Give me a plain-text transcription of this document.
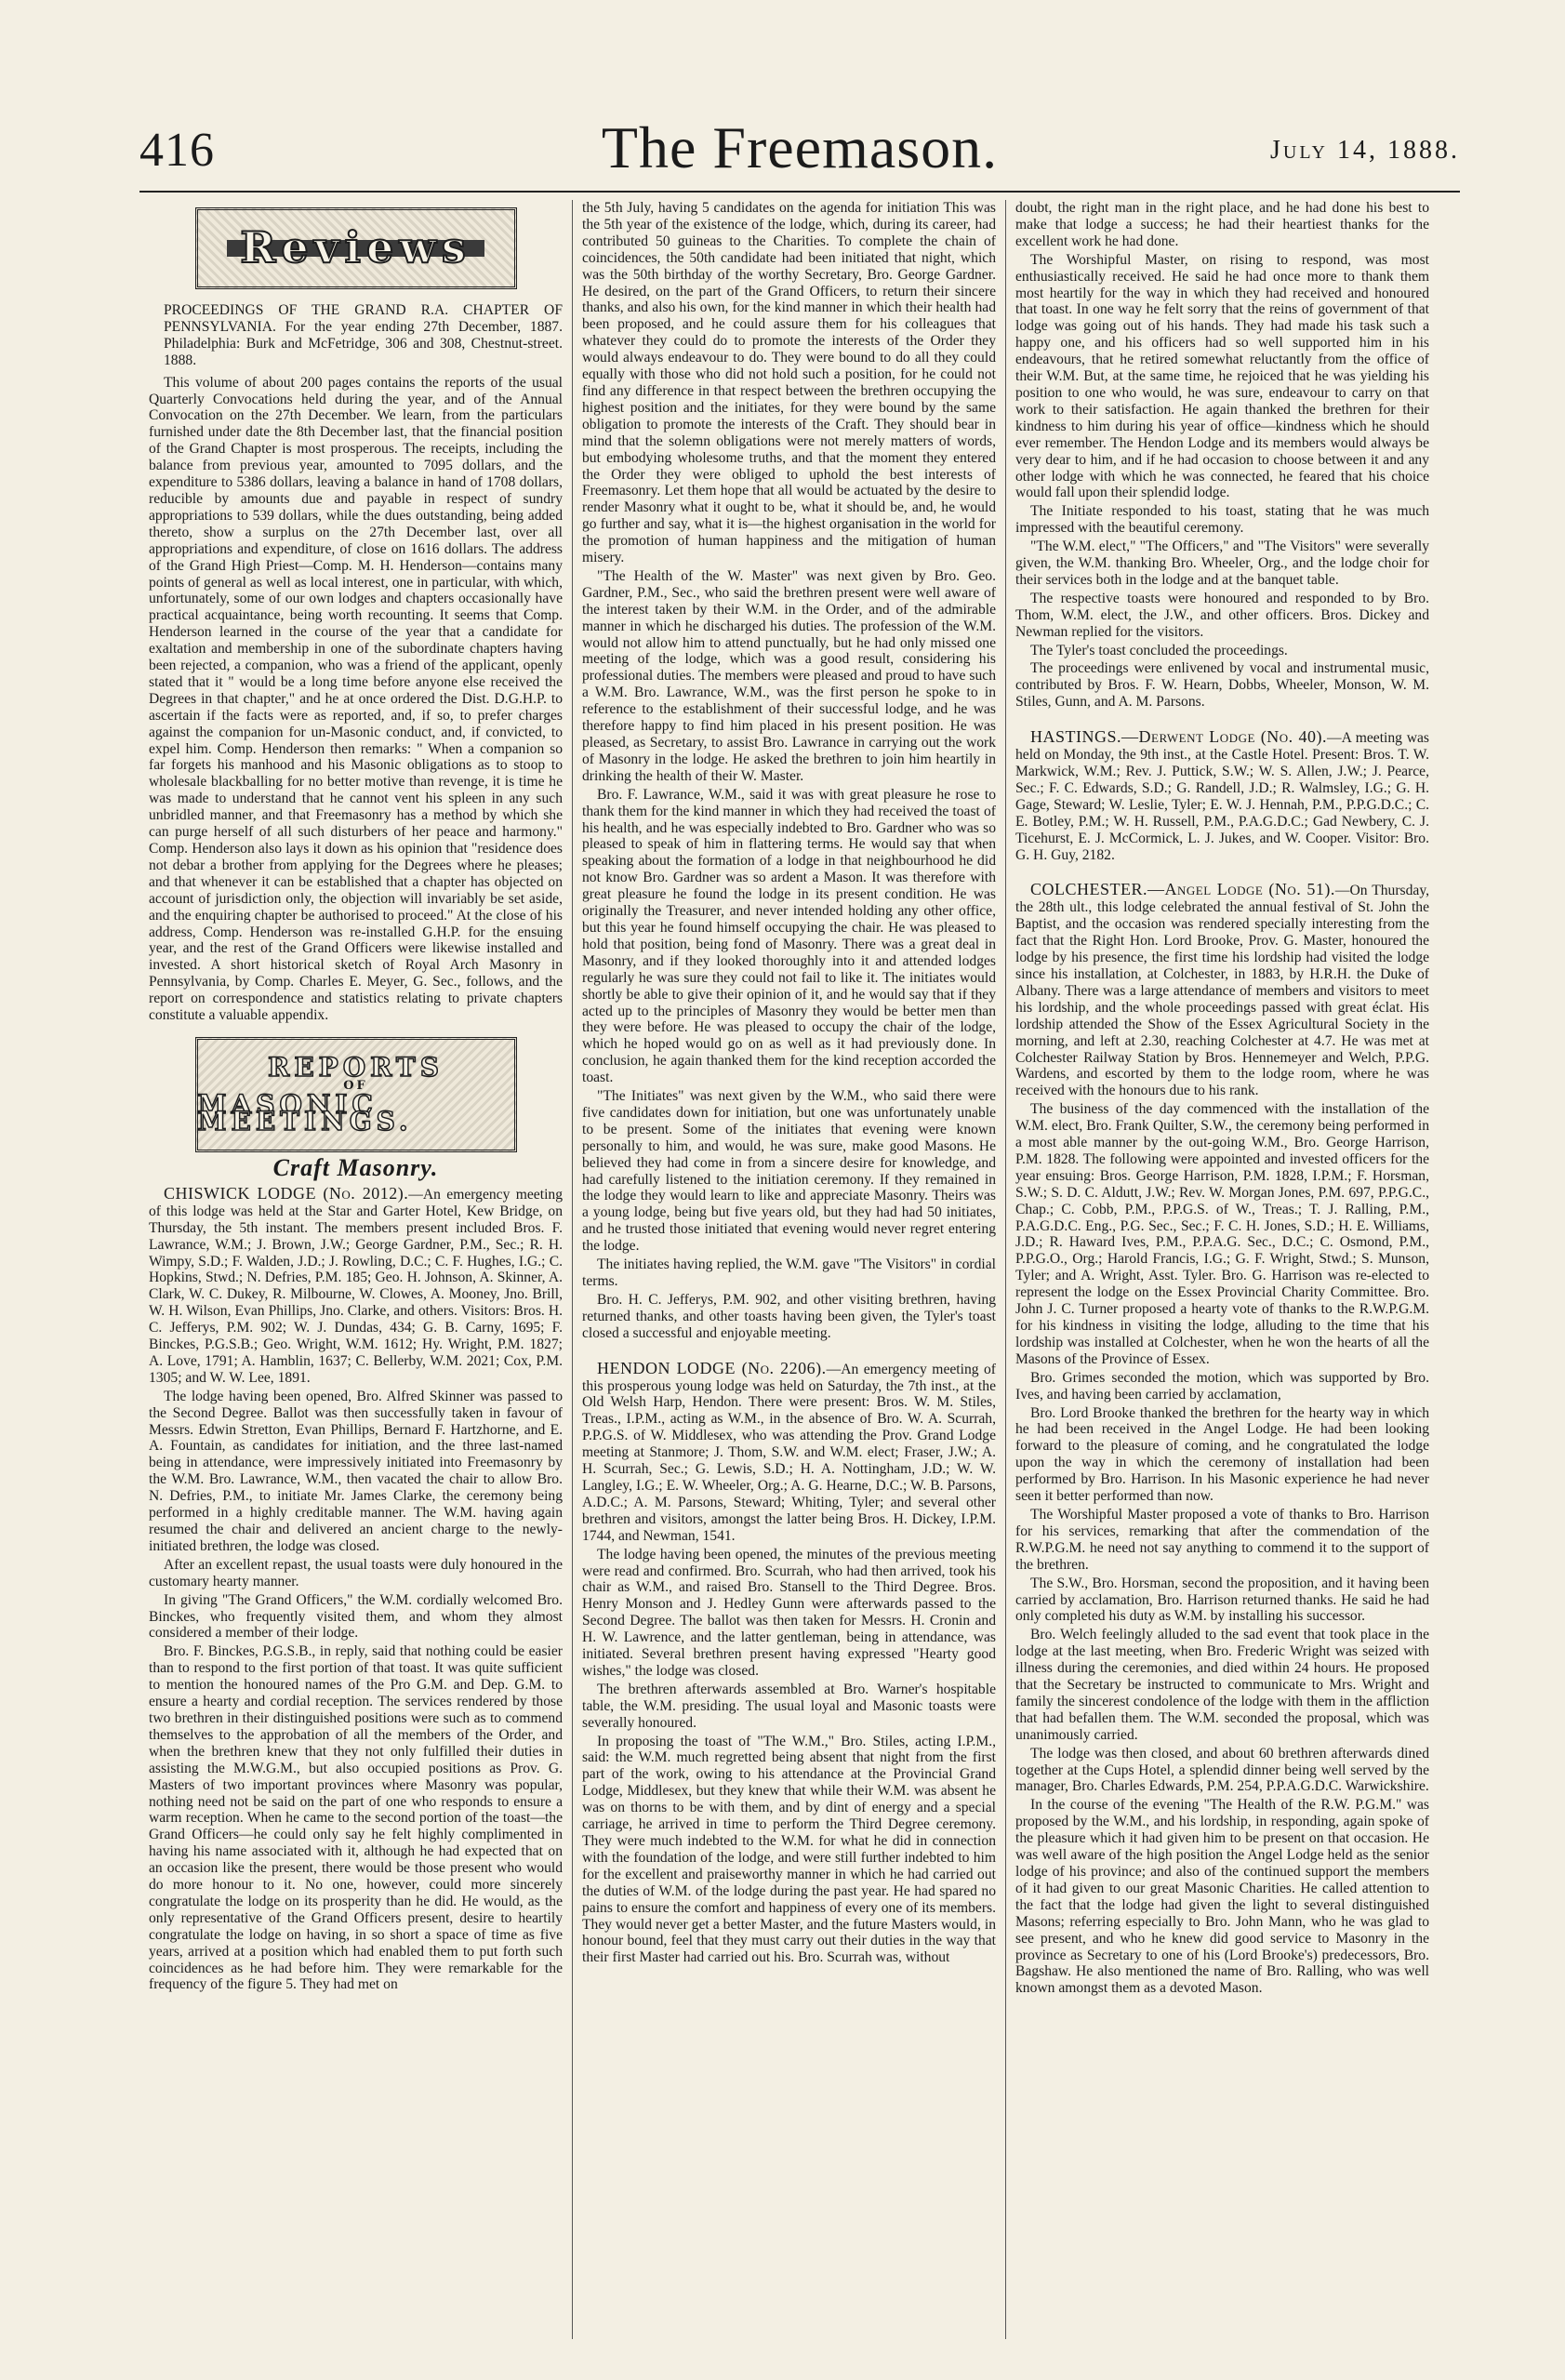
416	The Freemason.	July 14, 1888.
Reviews

PROCEEDINGS OF THE GRAND R.A. CHAPTER OF PENNSYLVANIA. For the year ending 27th December, 1887. Philadelphia: Burk and McFetridge, 306 and 308, Chestnut-street. 1888.

This volume of about 200 pages contains the reports of the usual Quarterly Convocations held during the year, and of the Annual Convocation on the 27th December. We learn, from the particulars furnished under date the 8th December last, that the financial position of the Grand Chapter is most prosperous. The receipts, including the balance from previous year, amounted to 7095 dollars, and the expenditure to 5386 dollars, leaving a balance in hand of 1708 dollars, reducible by amounts due and payable in respect of sundry appropriations to 539 dollars, while the dues outstanding, being added thereto, show a surplus on the 27th December last, over all appropriations and expenditure, of close on 1616 dollars. The address of the Grand High Priest—Comp. M. H. Henderson—contains many points of general as well as local interest, one in particular, with which, unfortunately, some of our own lodges and chapters occasionally have practical acquaintance, being worth recounting. It seems that Comp. Henderson learned in the course of the year that a candidate for exaltation and membership in one of the subordinate chapters having been rejected, a companion, who was a friend of the applicant, openly stated that it " would be a long time before anyone else received the Degrees in that chapter," and he at once ordered the Dist. D.G.H.P. to ascertain if the facts were as reported, and, if so, to prefer charges against the companion for un-Masonic conduct, and, if convicted, to expel him. Comp. Henderson then remarks: " When a companion so far forgets his manhood and his Masonic obligations as to stoop to wholesale blackballing for no better motive than revenge, it is time he was made to understand that he cannot vent his spleen in any such unbridled manner, and that Freemasonry has a method by which she can purge herself of all such disturbers of her peace and harmony." Comp. Henderson also lays it down as his opinion that "residence does not debar a brother from applying for the Degrees where he pleases; and that whenever it can be established that a chapter has objected on account of jurisdiction only, the objection will invariably be set aside, and the enquiring chapter be authorised to proceed." At the close of his address, Comp. Henderson was re-installed G.H.P. for the ensuing year, and the rest of the Grand Officers were likewise installed and invested. A short historical sketch of Royal Arch Masonry in Pennsylvania, by Comp. Charles E. Meyer, G. Sec., follows, and the report on correspondence and statistics relating to private chapters constitute a valuable appendix.

REPORTS
OF
MASONIC MEETINGS.
Craft Masonry.

CHISWICK LODGE (No. 2012).—An emergency meeting of this lodge was held at the Star and Garter Hotel, Kew Bridge, on Thursday, the 5th instant. The members present included Bros. F. Lawrance, W.M.; J. Brown, J.W.; George Gardner, P.M., Sec.; R. H. Wimpy, S.D.; F. Walden, J.D.; J. Rowling, D.C.; C. F. Hughes, I.G.; C. Hopkins, Stwd.; N. Defries, P.M. 185; Geo. H. Johnson, A. Skinner, A. Clark, W. C. Dukey, R. Milbourne, W. Clowes, A. Mooney, Jno. Brill, W. H. Wilson, Evan Phillips, Jno. Clarke, and others. Visitors: Bros. H. C. Jefferys, P.M. 902; W. J. Dundas, 434; G. B. Carny, 1695; F. Binckes, P.G.S.B.; Geo. Wright, W.M. 1612; Hy. Wright, P.M. 1827; A. Love, 1791; A. Hamblin, 1637; C. Bellerby, W.M. 2021; Cox, P.M. 1305; and W. W. Lee, 1891.

The lodge having been opened, Bro. Alfred Skinner was passed to the Second Degree. Ballot was then successfully taken in favour of Messrs. Edwin Stretton, Evan Phillips, Bernard F. Hartzhorne, and E. A. Fountain, as candidates for initiation, and the three last-named being in attendance, were impressively initiated into Freemasonry by the W.M. Bro. Lawrance, W.M., then vacated the chair to allow Bro. N. Defries, P.M., to initiate Mr. James Clarke, the ceremony being performed in a highly creditable manner. The W.M. having again resumed the chair and delivered an ancient charge to the newly-initiated brethren, the lodge was closed.

After an excellent repast, the usual toasts were duly honoured in the customary hearty manner.

In giving "The Grand Officers," the W.M. cordially welcomed Bro. Binckes, who frequently visited them, and whom they almost considered a member of their lodge.

Bro. F. Binckes, P.G.S.B., in reply, said that nothing could be easier than to respond to the first portion of that toast. It was quite sufficient to mention the honoured names of the Pro G.M. and Dep. G.M. to ensure a hearty and cordial reception. The services rendered by those two brethren in their distinguished positions were such as to commend themselves to the approbation of all the members of the Order, and when the brethren knew that they not only fulfilled their duties in assisting the M.W.G.M., but also occupied positions as Prov. G. Masters of two important provinces where Masonry was popular, nothing need not be said on the part of one who responds to ensure a warm reception. When he came to the second portion of the toast—the Grand Officers—he could only say he felt highly complimented in having his name associated with it, although he had expected that on an occasion like the present, there would be those present who would do more honour to it. No one, however, could more sincerely congratulate the lodge on its prosperity than he did. He would, as the only representative of the Grand Officers present, desire to heartily congratulate the lodge on having, in so short a space of time as five years, arrived at a position which had enabled them to put forth such coincidences as he had before him. They were remarkable for the frequency of the figure 5. They had met on

the 5th July, having 5 candidates on the agenda for initiation This was the 5th year of the existence of the lodge, which, during its career, had contributed 50 guineas to the Charities. To complete the chain of coincidences, the 50th candidate had been initiated that night, which was the 50th birthday of the worthy Secretary, Bro. George Gardner. He desired, on the part of the Grand Officers, to return their sincere thanks, and also his own, for the kind manner in which their health had been proposed, and he could assure them for his colleagues that whatever they could do to promote the interests of the Order they would always endeavour to do. They were bound to do all they could equally with those who did not hold such a position, for he could not find any difference in that respect between the brethren occupying the highest position and the initiates, for they were bound by the same obligation to promote the interests of the Craft. They should bear in mind that the solemn obligations were not merely matters of words, but embodying wholesome truths, and that the moment they entered the Order they were obliged to uphold the best interests of Freemasonry. Let them hope that all would be actuated by the desire to render Masonry what it ought to be, what it should be, and, he would go further and say, what it is—the highest organisation in the world for the promotion of human happiness and the mitigation of human misery.

"The Health of the W. Master" was next given by Bro. Geo. Gardner, P.M., Sec., who said the brethren present were well aware of the interest taken by their W.M. in the Order, and of the admirable manner in which he discharged his duties. The profession of the W.M. would not allow him to attend punctually, but he had only missed one meeting of the lodge, which was a good result, considering his professional duties. The members were pleased and proud to have such a W.M. Bro. Lawrance, W.M., was the first person he spoke to in reference to the establishment of their successful lodge, and he was therefore happy to find him placed in his present position. He was pleased, as Secretary, to assist Bro. Lawrance in carrying out the work of Masonry in the lodge. He asked the brethren to join him heartily in drinking the health of their W. Master.

Bro. F. Lawrance, W.M., said it was with great pleasure he rose to thank them for the kind manner in which they had received the toast of his health, and he was especially indebted to Bro. Gardner who was so pleased to speak of him in flattering terms. He would say that when speaking about the formation of a lodge in that neighbourhood he did not know Bro. Gardner was so ardent a Mason. It was therefore with great pleasure he found the lodge in its present condition. He was originally the Treasurer, and never intended holding any other office, but this year he found himself occupying the chair. He was pleased to hold that position, being fond of Masonry. There was a great deal in Masonry, and if they looked thoroughly into it and attended lodges regularly he was sure they could not fail to like it. The initiates would shortly be able to give their opinion of it, and he would say that if they acted up to the principles of Masonry they would be better men than they were before. He was pleased to occupy the chair of the lodge, which he hoped would go on as well as it had previously done. In conclusion, he again thanked them for the kind reception accorded the toast.

"The Initiates" was next given by the W.M., who said there were five candidates down for initiation, but one was unfortunately unable to be present. Some of the initiates that evening were known personally to him, and would, he was sure, make good Masons. He believed they had come in from a sincere desire for knowledge, and had carefully listened to the initiation ceremony. If they remained in the lodge they would learn to like and appreciate Masonry. Theirs was a young lodge, being but five years old, but they had had 50 initiates, and he trusted those initiated that evening would never regret entering the lodge.

The initiates having replied, the W.M. gave "The Visitors" in cordial terms.

Bro. H. C. Jefferys, P.M. 902, and other visiting brethren, having returned thanks, and other toasts having been given, the Tyler's toast closed a successful and enjoyable meeting.

HENDON LODGE (No. 2206).—An emergency meeting of this prosperous young lodge was held on Saturday, the 7th inst., at the Old Welsh Harp, Hendon. There were present: Bros. W. M. Stiles, Treas., I.P.M., acting as W.M., in the absence of Bro. W. A. Scurrah, P.P.G.S. of W. Middlesex, who was attending the Prov. Grand Lodge meeting at Stanmore; J. Thom, S.W. and W.M. elect; Fraser, J.W.; A. H. Scurrah, Sec.; G. Lewis, S.D.; H. A. Nottingham, J.D.; W. W. Langley, I.G.; E. W. Wheeler, Org.; A. G. Hearne, D.C.; W. B. Parsons, A.D.C.; A. M. Parsons, Steward; Whiting, Tyler; and several other brethren and visitors, amongst the latter being Bros. H. Dickey, I.P.M. 1744, and Newman, 1541.

The lodge having been opened, the minutes of the previous meeting were read and confirmed. Bro. Scurrah, who had then arrived, took his chair as W.M., and raised Bro. Stansell to the Third Degree. Bros. Henry Monson and J. Hedley Gunn were afterwards passed to the Second Degree. The ballot was then taken for Messrs. H. Cronin and H. W. Lawrence, and the latter gentleman, being in attendance, was initiated. Several brethren present having expressed "Hearty good wishes," the lodge was closed.

The brethren afterwards assembled at Bro. Warner's hospitable table, the W.M. presiding. The usual loyal and Masonic toasts were severally honoured.

In proposing the toast of "The W.M.," Bro. Stiles, acting I.P.M., said: the W.M. much regretted being absent that night from the first part of the work, owing to his attendance at the Provincial Grand Lodge, Middlesex, but they knew that while their W.M. was absent he was on thorns to be with them, and by dint of energy and a special carriage, he arrived in time to perform the Third Degree ceremony. They were much indebted to the W.M. for what he did in connection with the foundation of the lodge, and were still further indebted to him for the excellent and praiseworthy manner in which he had carried out the duties of W.M. of the lodge during the past year. He had spared no pains to ensure the comfort and happiness of every one of its members. They would never get a better Master, and the future Masters would, in honour bound, feel that they must carry out their duties in the way that their first Master had carried out his. Bro. Scurrah was, without

doubt, the right man in the right place, and he had done his best to make that lodge a success; he had their heartiest thanks for the excellent work he had done.

The Worshipful Master, on rising to respond, was most enthusiastically received. He said he had once more to thank them most heartily for the way in which they had received and honoured that toast. In one way he felt sorry that the reins of government of that lodge was going out of his hands. They had made his task such a happy one, and his officers had so well supported him in his endeavours, that he retired somewhat reluctantly from the office of their W.M. But, at the same time, he rejoiced that he was yielding his position to one who would, he was sure, endeavour to carry on that work to their satisfaction. He again thanked the brethren for their kindness to him during his year of office—kindness which he should ever remember. The Hendon Lodge and its members would always be very dear to him, and if he had occasion to choose between it and any other lodge with which he was connected, he feared that his choice would fall upon their splendid lodge.

The Initiate responded to his toast, stating that he was much impressed with the beautiful ceremony.

"The W.M. elect," "The Officers," and "The Visitors" were severally given, the W.M. thanking Bro. Wheeler, Org., and the lodge choir for their services both in the lodge and at the banquet table.

The respective toasts were honoured and responded to by Bro. Thom, W.M. elect, the J.W., and other officers. Bros. Dickey and Newman replied for the visitors.

The Tyler's toast concluded the proceedings.

The proceedings were enlivened by vocal and instrumental music, contributed by Bros. F. W. Hearn, Dobbs, Wheeler, Monson, W. M. Stiles, Gunn, and A. M. Parsons.

HASTINGS.—Derwent Lodge (No. 40).—A meeting was held on Monday, the 9th inst., at the Castle Hotel. Present: Bros. T. W. Markwick, W.M.; Rev. J. Puttick, S.W.; W. S. Allen, J.W.; J. Pearce, Sec.; F. C. Edwards, S.D.; G. Randell, J.D.; R. Walmsley, I.G.; G. H. Gage, Steward; W. Leslie, Tyler; E. W. J. Hennah, P.M., P.P.G.D.C.; C. E. Botley, P.M.; W. H. Russell, P.M., P.A.G.D.C.; Gad Newbery, C. J. Ticehurst, E. J. McCormick, L. J. Jukes, and W. Cooper. Visitor: Bro. G. H. Guy, 2182.

COLCHESTER.—Angel Lodge (No. 51).—On Thursday, the 28th ult., this lodge celebrated the annual festival of St. John the Baptist, and the occasion was rendered specially interesting from the fact that the Right Hon. Lord Brooke, Prov. G. Master, honoured the lodge by his presence, the first time his lordship had visited the lodge since his installation, at Colchester, in 1883, by H.R.H. the Duke of Albany. There was a large attendance of members and visitors to meet his lordship, and the whole proceedings passed with great éclat. His lordship attended the Show of the Essex Agricultural Society in the morning, and left at 2.30, reaching Colchester at 4.7. He was met at Colchester Railway Station by Bros. Hennemeyer and Welch, P.P.G. Wardens, and escorted by them to the lodge room, where he was received with the honours due to his rank.

The business of the day commenced with the installation of the W.M. elect, Bro. Frank Quilter, S.W., the ceremony being performed in a most able manner by the out-going W.M., Bro. George Harrison, P.M. 1828. The following were appointed and invested officers for the year ensuing: Bros. George Harrison, P.M. 1828, I.P.M.; F. Horsman, S.W.; S. D. C. Aldutt, J.W.; Rev. W. Morgan Jones, P.M. 697, P.P.G.C., Chap.; C. Cobb, P.M., P.P.G.S. of W., Treas.; T. J. Ralling, P.M., P.A.G.D.C. Eng., P.G. Sec., Sec.; F. C. H. Jones, S.D.; H. E. Williams, J.D.; R. Haward Ives, P.M., P.P.A.G. Sec., D.C.; C. Osmond, P.M., P.P.G.O., Org.; Harold Francis, I.G.; G. F. Wright, Stwd.; S. Munson, Tyler; and A. Wright, Asst. Tyler. Bro. G. Harrison was re-elected to represent the lodge on the Essex Provincial Charity Committee. Bro. John J. C. Turner proposed a hearty vote of thanks to the R.W.P.G.M. for his kindness in visiting the lodge, alluding to the time that his lordship was installed at Colchester, when he won the hearts of all the Masons of the Province of Essex.

Bro. Grimes seconded the motion, which was supported by Bro. Ives, and having been carried by acclamation,

Bro. Lord Brooke thanked the brethren for the hearty way in which he had been received in the Angel Lodge. He had been looking forward to the pleasure of coming, and he congratulated the lodge upon the way in which the ceremony of installation had been performed by Bro. Harrison. In his Masonic experience he had never seen it better performed than now.

The Worshipful Master proposed a vote of thanks to Bro. Harrison for his services, remarking that after the commendation of the R.W.P.G.M. he need not say anything to commend it to the support of the brethren.

The S.W., Bro. Horsman, second the proposition, and it having been carried by acclamation, Bro. Harrison returned thanks. He said he had only completed his duty as W.M. by installing his successor.

Bro. Welch feelingly alluded to the sad event that took place in the lodge at the last meeting, when Bro. Frederic Wright was seized with illness during the ceremonies, and died within 24 hours. He proposed that the Secretary be instructed to communicate to Mrs. Wright and family the sincerest condolence of the lodge with them in the affliction that had befallen them. The W.M. seconded the proposal, which was unanimously carried.

The lodge was then closed, and about 60 brethren afterwards dined together at the Cups Hotel, a splendid dinner being well served by the manager, Bro. Charles Edwards, P.M. 254, P.P.A.G.D.C. Warwickshire.

In the course of the evening "The Health of the R.W. P.G.M." was proposed by the W.M., and his lordship, in responding, again spoke of the pleasure which it had given him to be present on that occasion. He was well aware of the high position the Angel Lodge held as the senior lodge of his province; and also of the continued support the members of it had given to our great Masonic Charities. He called attention to the fact that the lodge had given the light to several distinguished Masons; referring especially to Bro. John Mann, who he was glad to see present, and who he knew did good service to Masonry in the province as Secretary to one of his (Lord Brooke's) predecessors, Bro. Bagshaw. He also mentioned the name of Bro. Ralling, who was well known amongst them as a devoted Mason.
